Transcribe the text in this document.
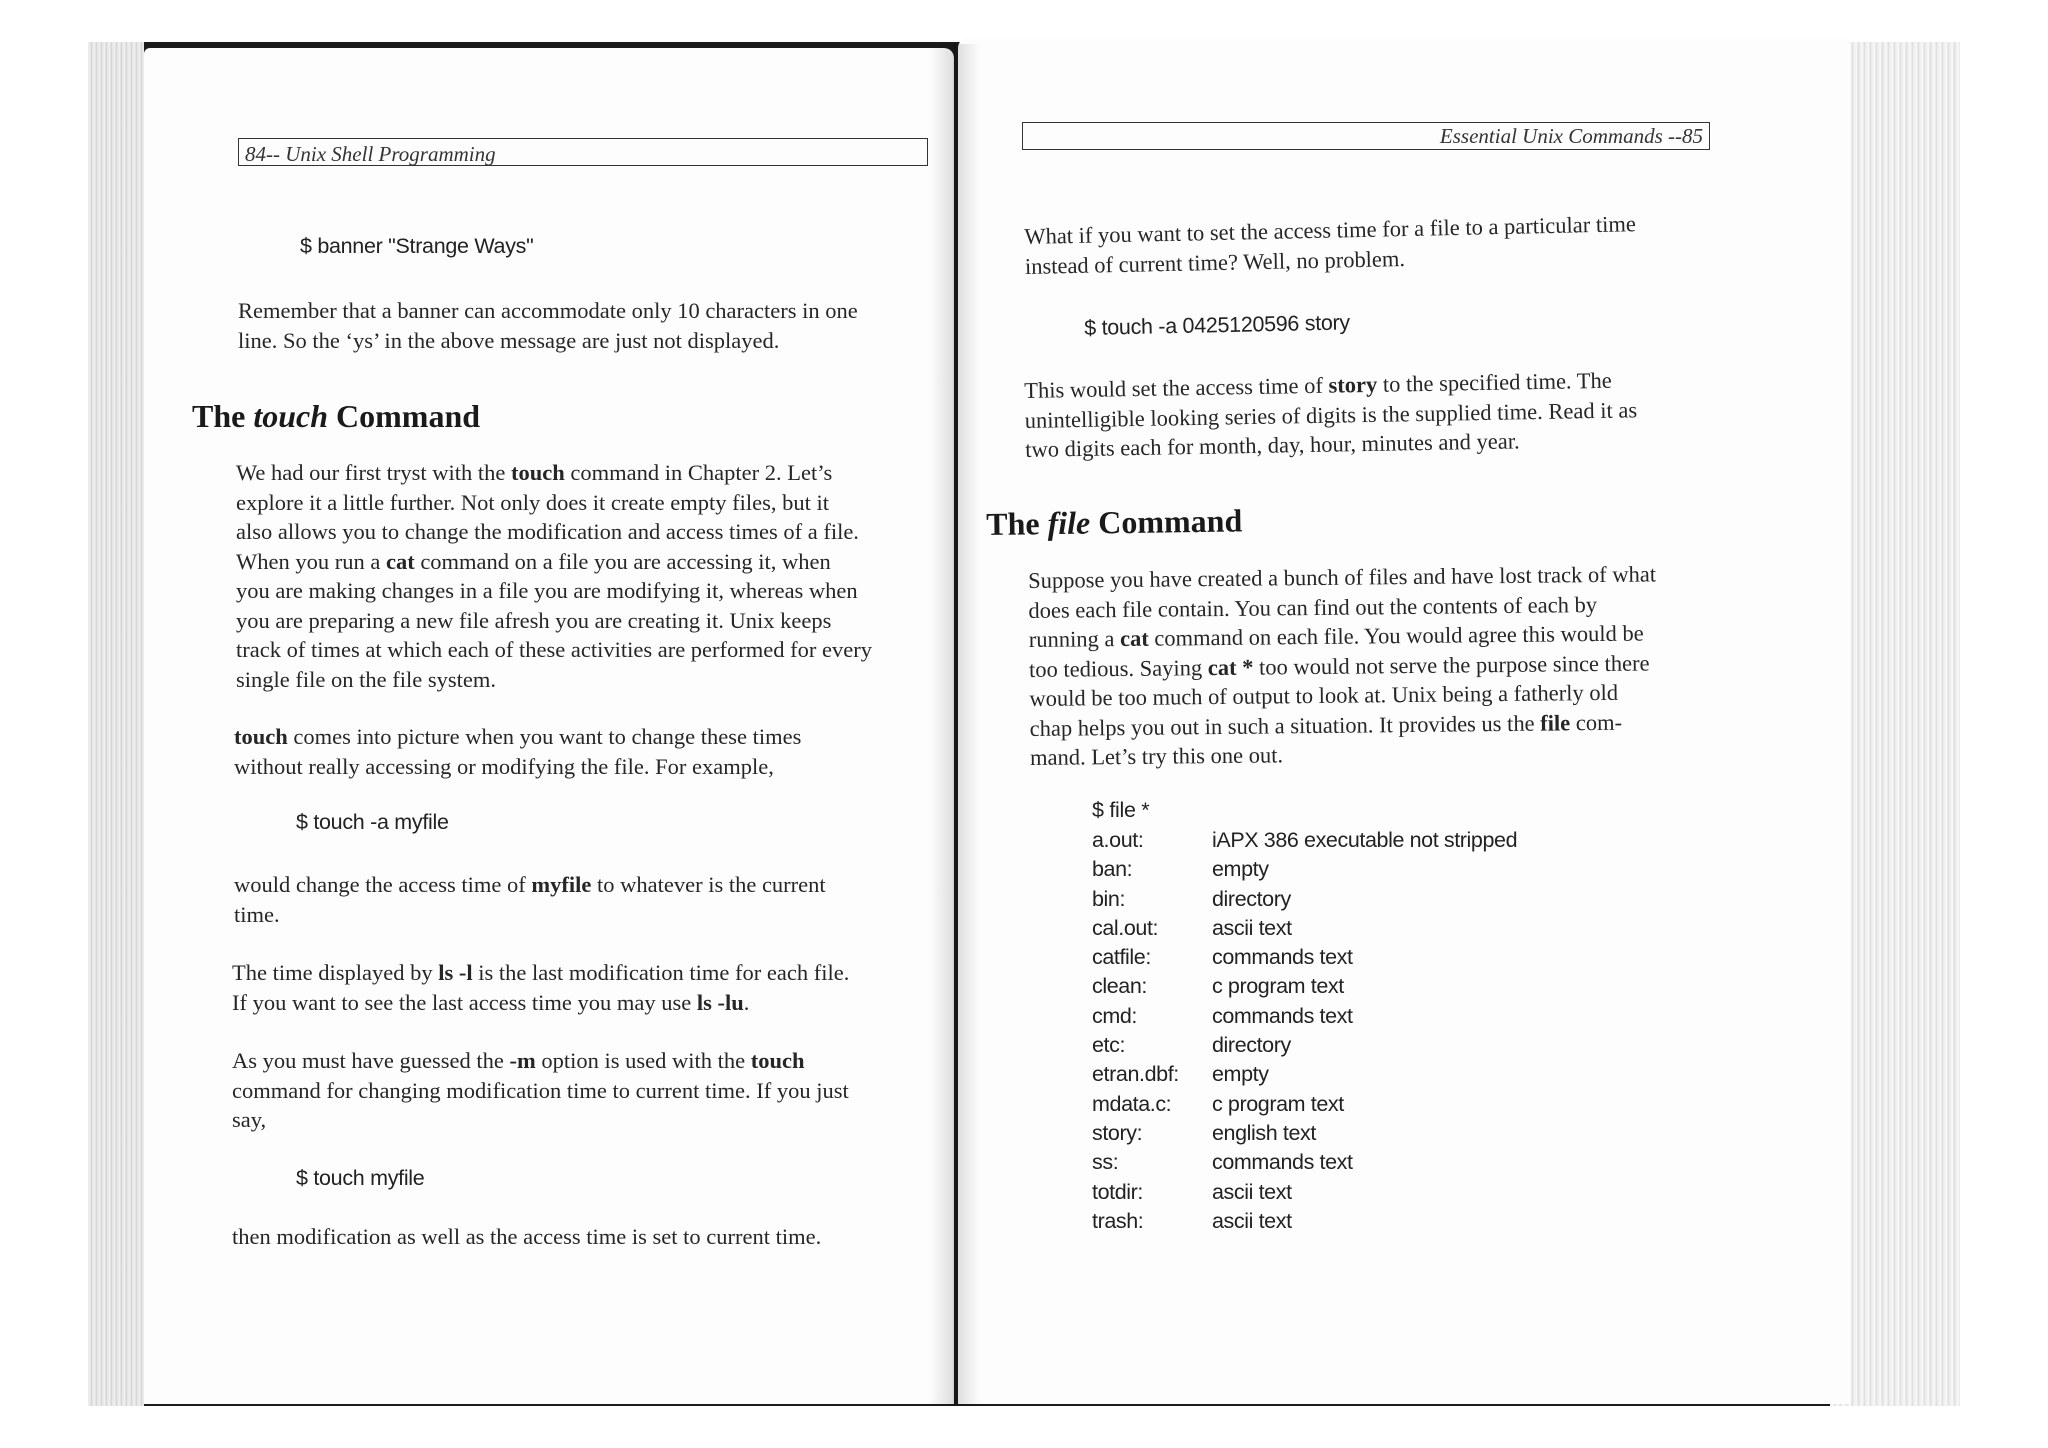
84-- Unix Shell Programming
$ banner "Strange Ways"
Remember that a banner can accommodate only 10 characters in one
line. So the ‘ys’ in the above message are just not displayed.
The touch Command
We had our first tryst with the touch command in Chapter 2. Let’s
explore it a little further. Not only does it create empty files, but it
also allows you to change the modification and access times of a file.
When you run a cat command on a file you are accessing it, when
you are making changes in a file you are modifying it, whereas when
you are preparing a new file afresh you are creating it. Unix keeps
track of times at which each of these activities are performed for every
single file on the file system.
touch comes into picture when you want to change these times
without really accessing or modifying the file. For example,
$ touch -a myfile
would change the access time of myfile to whatever is the current
time.
The time displayed by ls -l is the last modification time for each file.
If you want to see the last access time you may use ls -lu.
As you must have guessed the -m option is used with the touch
command for changing modification time to current time. If you just
say,
$ touch myfile
then modification as well as the access time is set to current time.
Essential Unix Commands --85
What if you want to set the access time for a file to a particular time
instead of current time? Well, no problem.
$ touch -a 0425120596 story
This would set the access time of story to the specified time. The
unintelligible looking series of digits is the supplied time. Read it as
two digits each for month, day, hour, minutes and year.
The file Command
Suppose you have created a bunch of files and have lost track of what
does each file contain. You can find out the contents of each by
running a cat command on each file. You would agree this would be
too tedious. Saying cat * too would not serve the purpose since there
would be too much of output to look at. Unix being a fatherly old
chap helps you out in such a situation. It provides us the file com-
mand. Let’s try this one out.
$ file *
a.out:	iAPX 386 executable not stripped
ban:	empty
bin:	directory
cal.out:	ascii text
catfile:	commands text
clean:	c program text
cmd:	commands text
etc:	directory
etran.dbf: empty
mdata.c: c program text
story:	english text
ss:	commands text
totdir:	ascii text
trash:	ascii text
